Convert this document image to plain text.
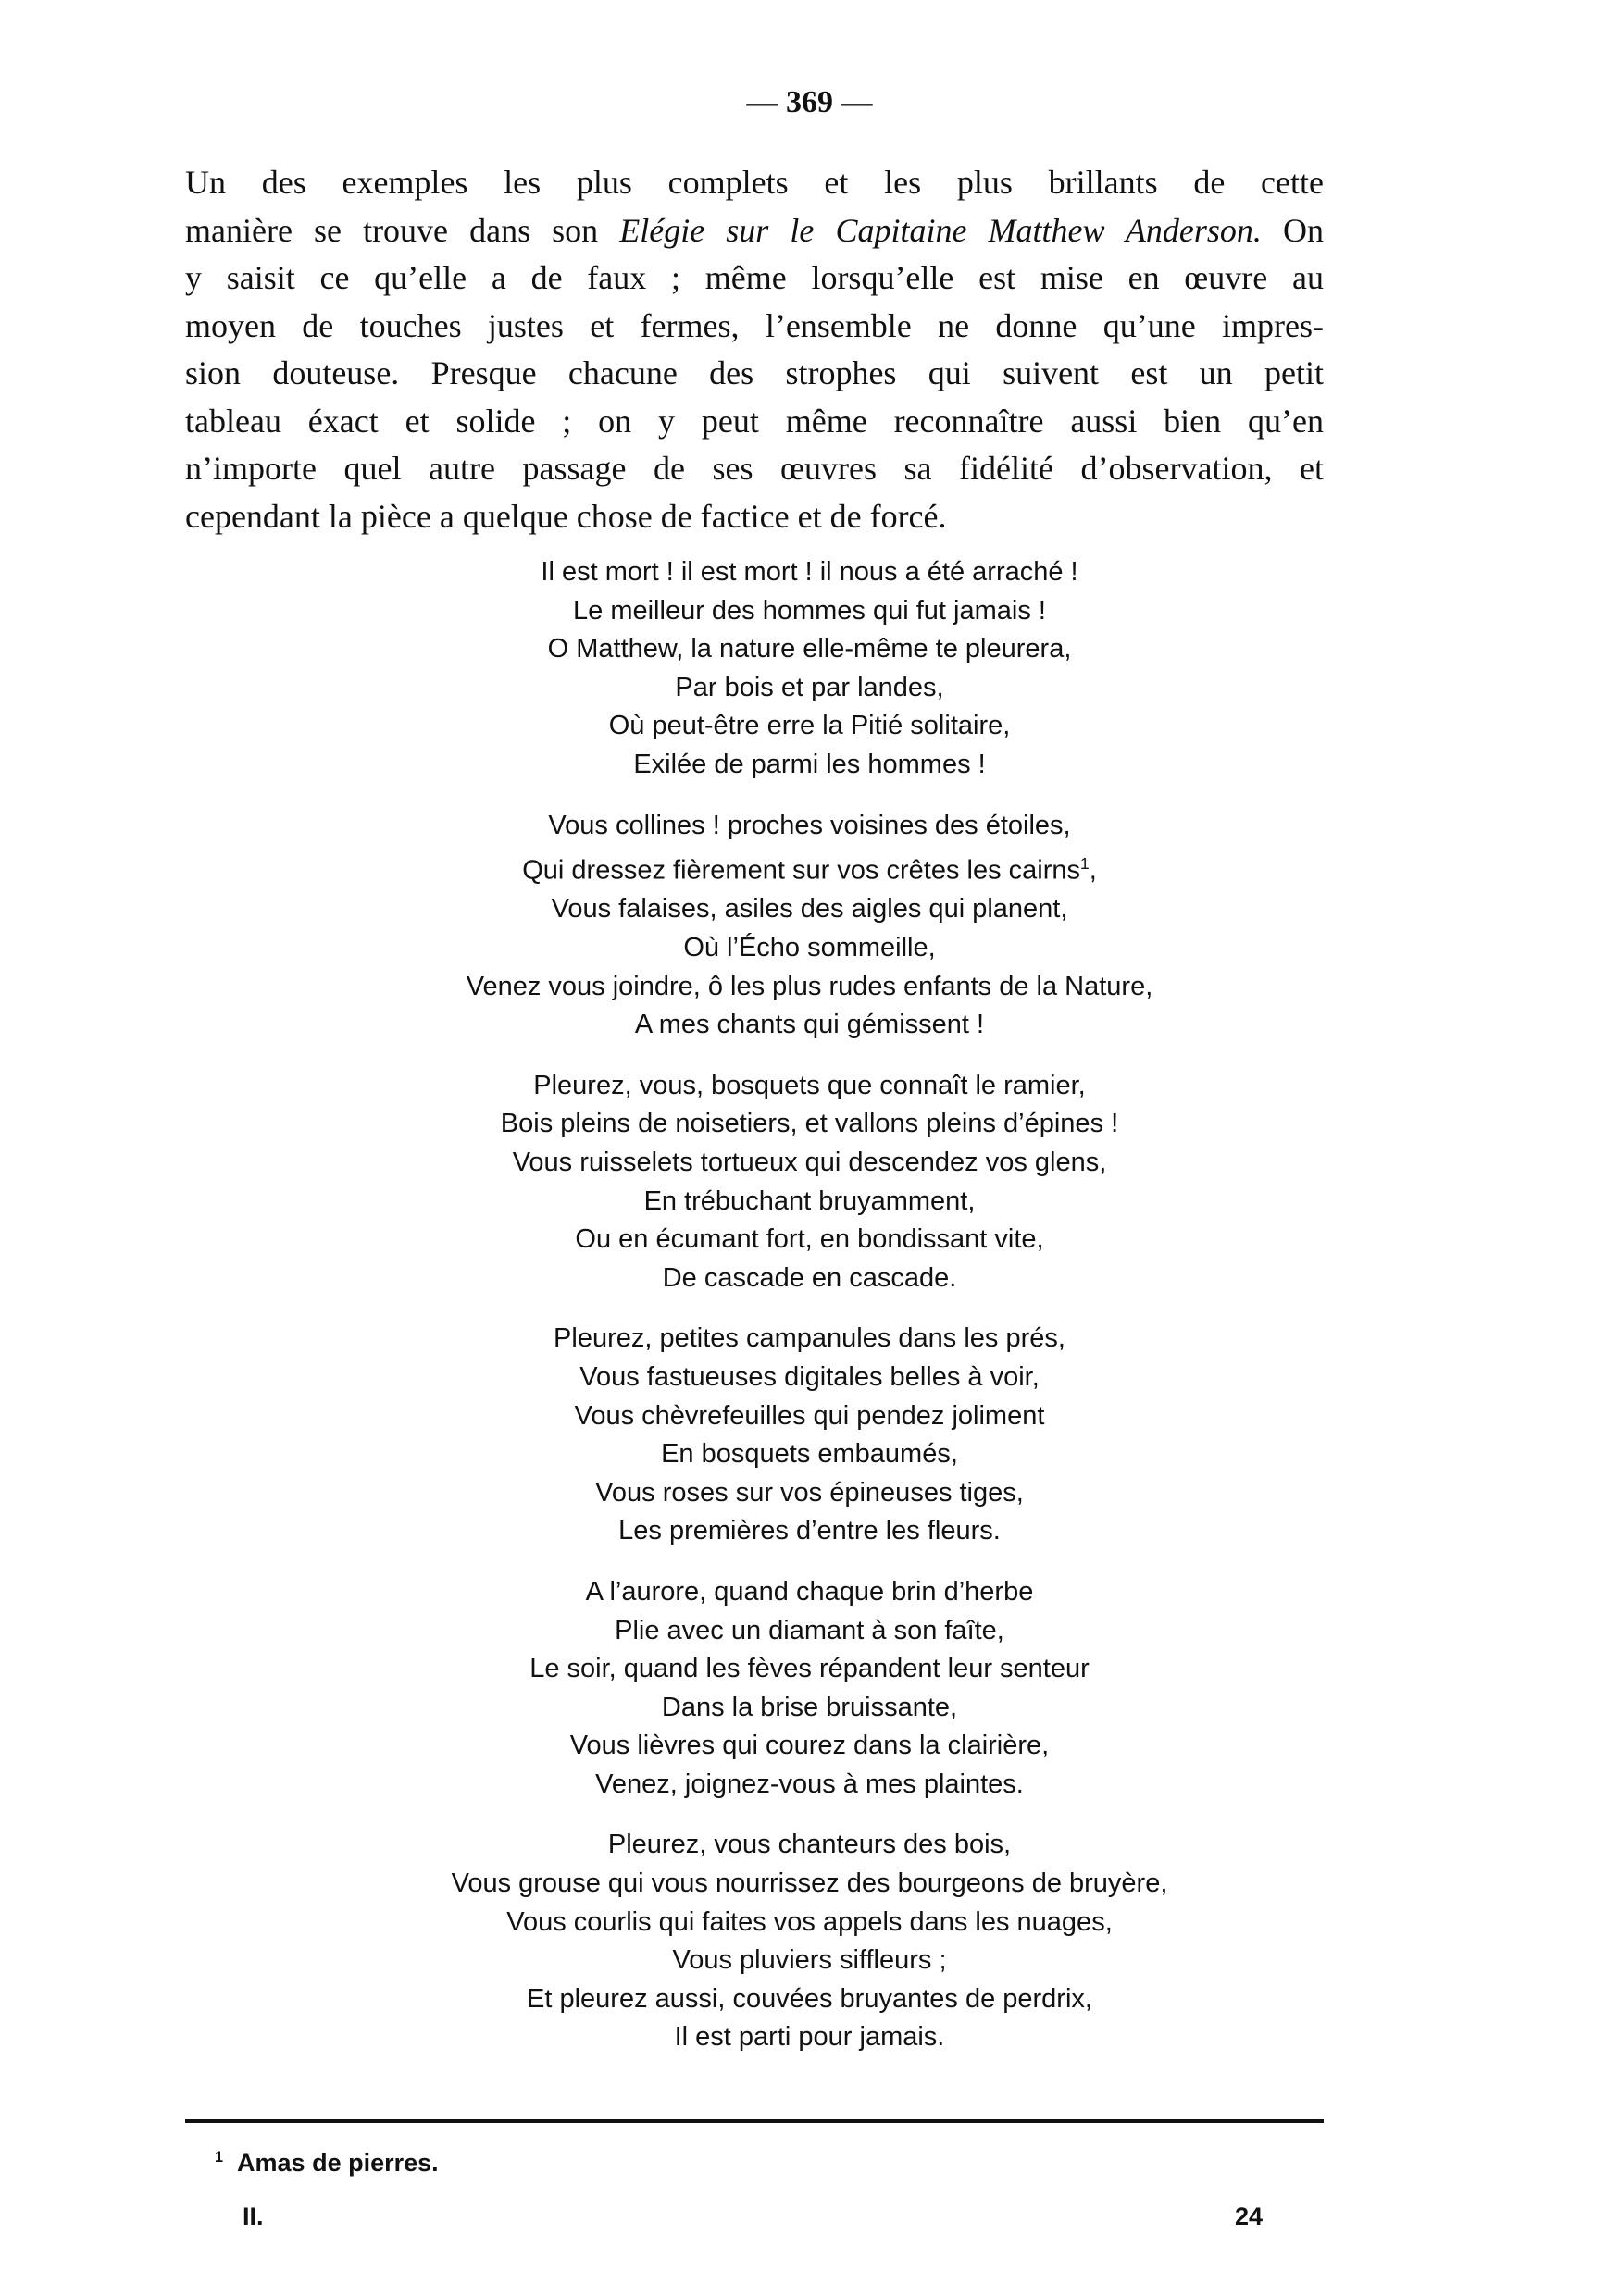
— 369 —
Un des exemples les plus complets et les plus brillants de cette
manière se trouve dans son Elégie sur le Capitaine Matthew Anderson. On
y saisit ce qu’elle a de faux ; même lorsqu’elle est mise en œuvre au
moyen de touches justes et fermes, l’ensemble ne donne qu’une impres-
sion douteuse. Presque chacune des strophes qui suivent est un petit
tableau éxact et solide ; on y peut même reconnaître aussi bien qu’en
n’importe quel autre passage de ses œuvres sa fidélité d’observation, et
cependant la pièce a quelque chose de factice et de forcé.
Il est mort ! il est mort ! il nous a été arraché !
Le meilleur des hommes qui fut jamais !
O Matthew, la nature elle-même te pleurera,
Par bois et par landes,
Où peut-être erre la Pitié solitaire,
Exilée de parmi les hommes !
Vous collines ! proches voisines des étoiles,
Qui dressez fièrement sur vos crêtes les cairns$^1$,
Vous falaises, asiles des aigles qui planent,
Où l’Écho sommeille,
Venez vous joindre, ô les plus rudes enfants de la Nature,
A mes chants qui gémissent !
Pleurez, vous, bosquets que connaît le ramier,
Bois pleins de noisetiers, et vallons pleins d’épines !
Vous ruisselets tortueux qui descendez vos glens,
En trébuchant bruyamment,
Ou en écumant fort, en bondissant vite,
De cascade en cascade.
Pleurez, petites campanules dans les prés,
Vous fastueuses digitales belles à voir,
Vous chèvrefeuilles qui pendez joliment
En bosquets embaumés,
Vous roses sur vos épineuses tiges,
Les premières d’entre les fleurs.
A l’aurore, quand chaque brin d’herbe
Plie avec un diamant à son faîte,
Le soir, quand les fèves répandent leur senteur
Dans la brise bruissante,
Vous lièvres qui courez dans la clairière,
Venez, joignez-vous à mes plaintes.
Pleurez, vous chanteurs des bois,
Vous grouse qui vous nourrissez des bourgeons de bruyère,
Vous courlis qui faites vos appels dans les nuages,
Vous pluviers siffleurs ;
Et pleurez aussi, couvées bruyantes de perdrix,
Il est parti pour jamais.
$^1$ Amas de pierres.
II.	24
